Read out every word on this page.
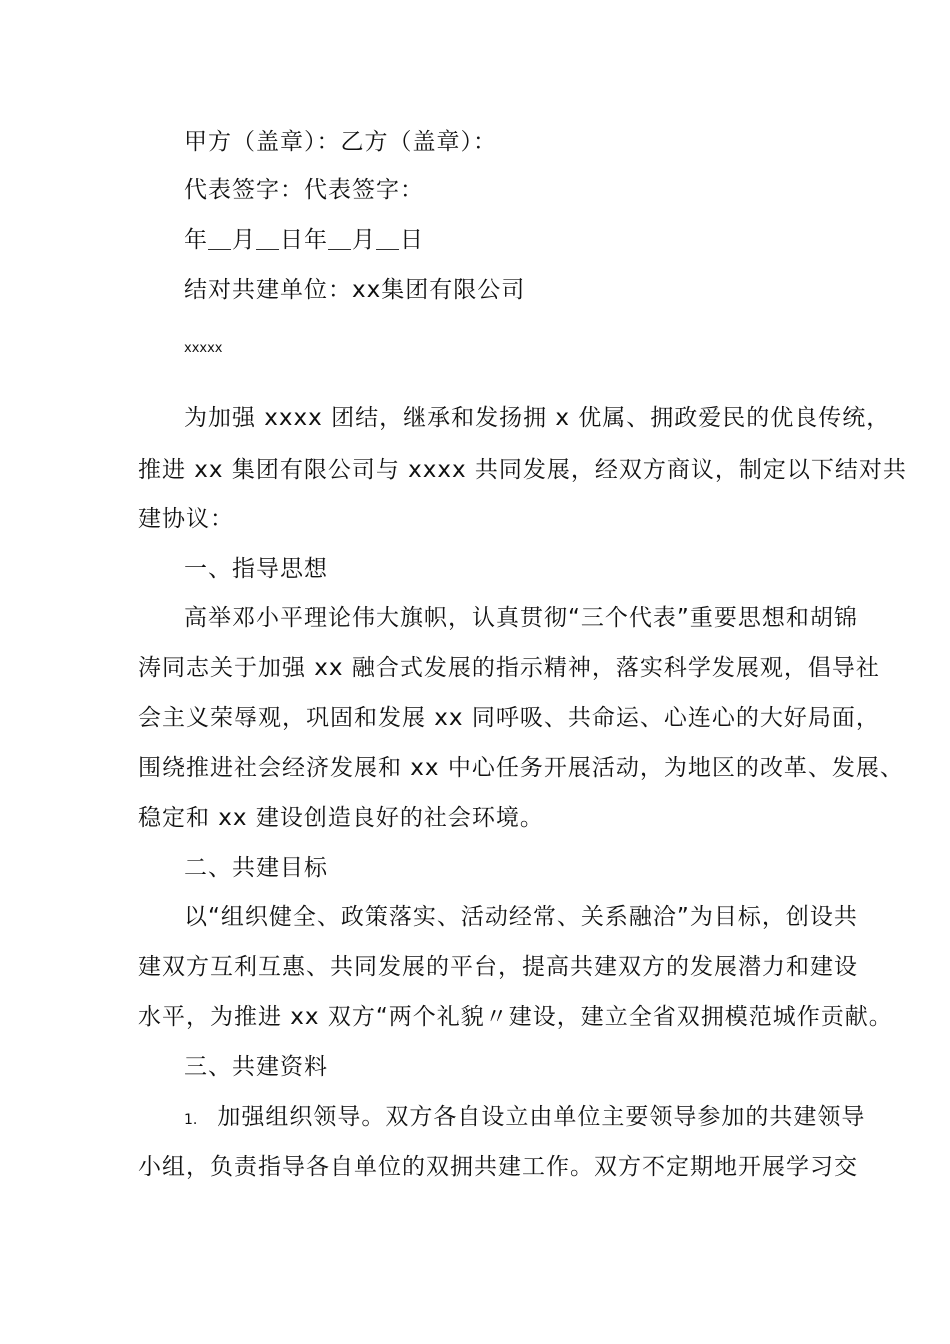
甲方（盖章）：乙方（盖章）：
代表签字：代表签字：
年＿月＿日年＿月＿日
结对共建单位：xx集团有限公司
xxxxx
为加强 xxxx 团结，继承和发扬拥 x 优属、拥政爱民的优良传统，
推进 xx 集团有限公司与 xxxx 共同发展，经双方商议，制定以下结对共
建协议：
一、指导思想
高举邓小平理论伟大旗帜，认真贯彻“三个代表”重要思想和胡锦
涛同志关于加强 xx 融合式发展的指示精神，落实科学发展观，倡导社
会主义荣辱观，巩固和发展 xx 同呼吸、共命运、心连心的大好局面，
围绕推进社会经济发展和 xx 中心任务开展活动，为地区的改革、发展、
稳定和 xx 建设创造良好的社会环境。
二、共建目标
以“组织健全、政策落实、活动经常、关系融洽”为目标，创设共
建双方互利互惠、共同发展的平台，提高共建双方的发展潜力和建设
水平，为推进 xx 双方“两个礼貌〃建设，建立全省双拥模范城作贡献。
三、共建资料
1. 加强组织领导。双方各自设立由单位主要领导参加的共建领导
小组，负责指导各自单位的双拥共建工作。双方不定期地开展学习交
